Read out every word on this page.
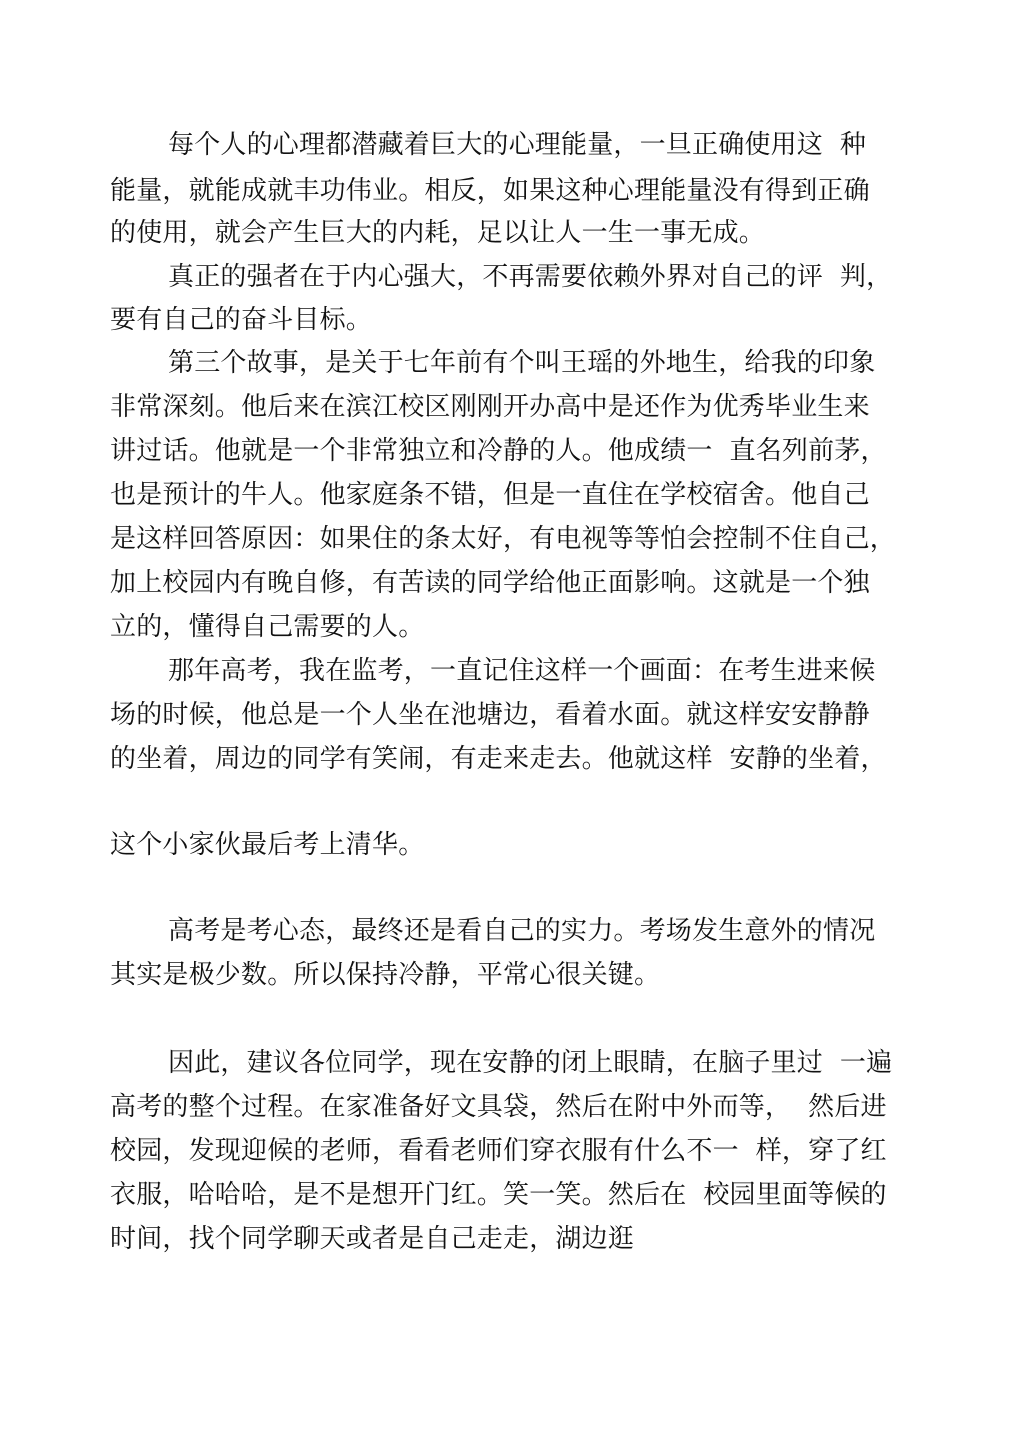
每个人的心理都潜藏着巨大的心理能量，一旦正确使用这  种
能量，就能成就丰功伟业。相反，如果这种心理能量没有得到正确
的使用，就会产生巨大的内耗，足以让人一生一事无成。
真正的强者在于内心强大，不再需要依赖外界对自己的评  判，
要有自己的奋斗目标。
第三个故事，是关于七年前有个叫王瑶的外地生，给我的印象
非常深刻。他后来在滨江校区刚刚开办高中是还作为优秀毕业生来
讲过话。他就是一个非常独立和冷静的人。他成绩一  直名列前茅，
也是预计的牛人。他家庭条不错，但是一直住在学校宿舍。他自己
是这样回答原因：如果住的条太好，有电视等等怕会控制不住自己，
加上校园内有晚自修，有苦读的同学给他正面影响。这就是一个独
立的，懂得自己需要的人。
那年高考，我在监考，一直记住这样一个画面：在考生进来候
场的时候，他总是一个人坐在池塘边，看着水面。就这样安安静静
的坐着，周边的同学有笑闹，有走来走去。他就这样  安静的坐着，
这个小家伙最后考上清华。
高考是考心态，最终还是看自己的实力。考场发生意外的情况
其实是极少数。所以保持冷静，平常心很关键。
因此，建议各位同学，现在安静的闭上眼睛，在脑子里过  一遍
高考的整个过程。在家准备好文具袋，然后在附中外而等，  然后进
校园，发现迎候的老师，看看老师们穿衣服有什么不一  样，穿了红
衣服，哈哈哈，是不是想开门红。笑一笑。然后在  校园里面等候的
时间，找个同学聊天或者是自己走走，湖边逛
